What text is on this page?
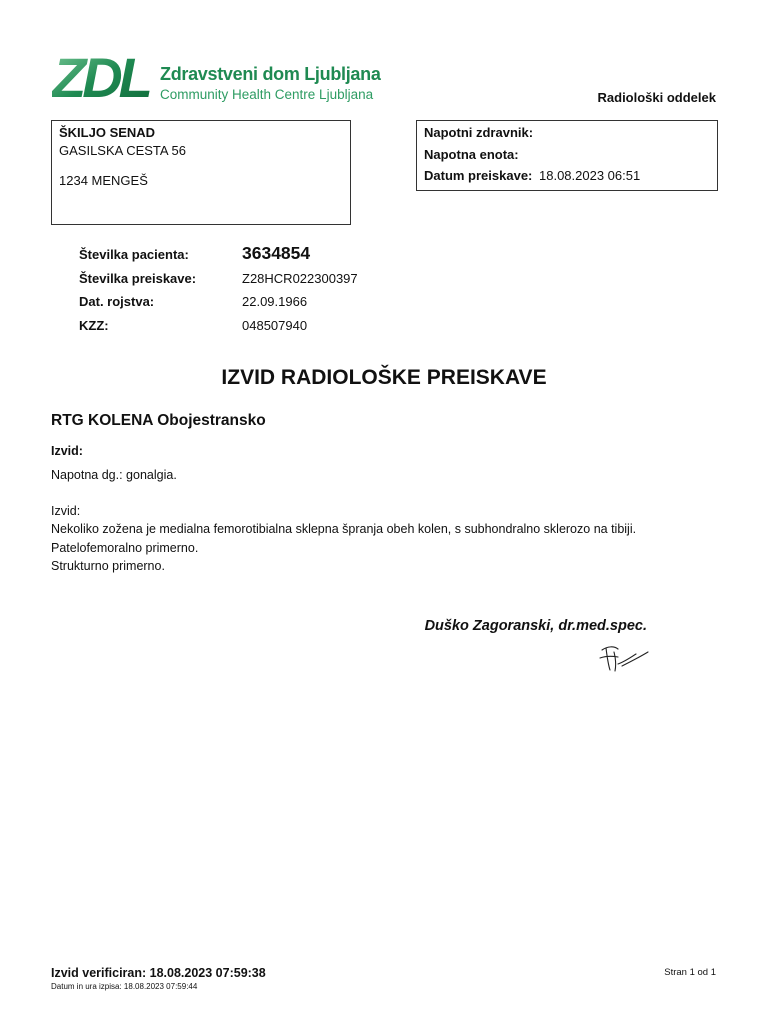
ZDL Zdravstveni dom Ljubljana
Community Health Centre Ljubljana	Radiološki oddelek
ŠKILJO SENAD
GASILSKA CESTA 56
1234 MENGEŠ
Napotni zdravnik:
Napotna enota:
Datum preiskave: 18.08.2023 06:51
Številka pacienta:	3634854
Številka preiskave:	Z28HCR022300397
Dat. rojstva:	22.09.1966
KZZ:	048507940
IZVID RADIOLOŠKE PREISKAVE
RTG KOLENA Obojestransko
Izvid:
Napotna dg.: gonalgia.
Izvid:
Nekoliko zožena je medialna femorotibialna sklepna špranja obeh kolen, s subhondralno sklerozo na tibiji.
Patelofemoralno primerno.
Strukturno primerno.
Duško Zagoranski, dr.med.spec.
Izvid verificiran: 18.08.2023 07:59:38
Datum in ura izpisa: 18.08.2023 07:59:44
Stran 1 od 1
